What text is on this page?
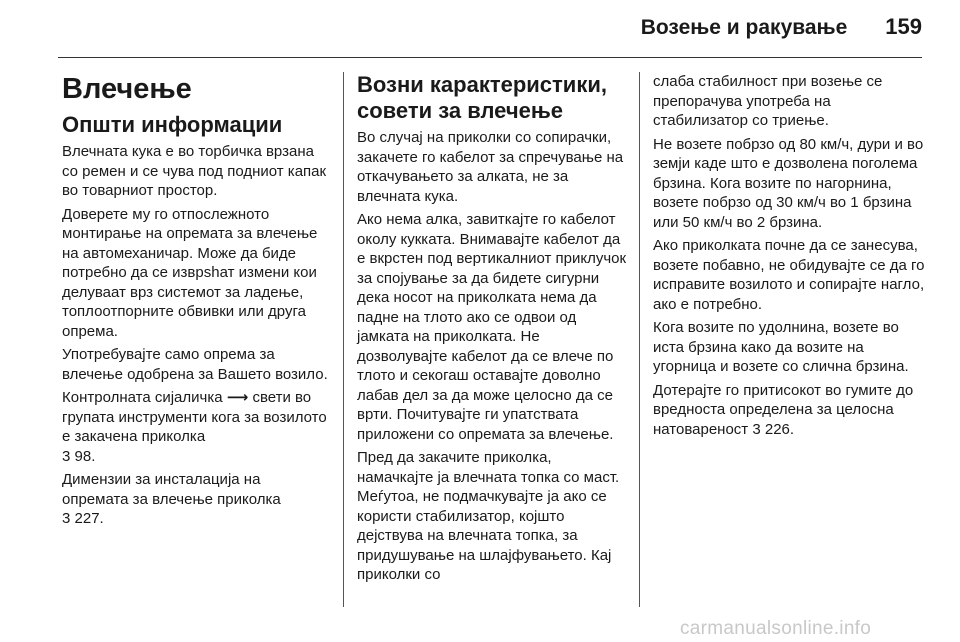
Возење и ракување 159
Влечење
Општи информации

Влечната кука е во торбичка врзана со ремен и се чува под подниот капак во товарниот простор.

Доверете му го отпослежното монтирање на опремата за влечење на автомеханичар. Може да биде потребно да се изврshат измени кои делуваат врз системот за ладење, топлоотпорните обвивки или друга опрема.

Употребувајте само опрема за влечење одобрена за Вашето возило.

Контролната сијаличка ⟶ свети во групата инструменти кога за возилото е закачена приколка
3 98.

Димензии за инсталација на опремата за влечење приколка
3 227.

Возни карактеристики, совети за влечење

Во случај на приколки со сопирачки, закачете го кабелот за спречување на откачувањето за алката, не за влечната кука.

Ако нема алка, завиткајте го кабелот околу кукката. Внимавајте кабелот да е вкрстен под вертикалниот приклучок за спојување за да бидете сигурни дека носот на приколката нема да падне на тлото ако се одвои од јамката на приколката. Не дозволувајте кабелот да се влече по тлото и секогаш оставајте доволно лабав дел за да може целосно да се врти. Почитувајте ги упатствата приложени со опремата за влечење.

Пред да закачите приколка, намачкајте ја влечната топка со маст. Меѓутоа, не подмачкувајте ја ако се користи стабилизатор, којшто дејствува на влечната топка, за придушување на шлајфувањето. Кај приколки со

слаба стабилност при возење се препорачува употреба на стабилизатор со триење.

Не возете побрзо од 80 км/ч, дури и во земји каде што е дозволена поголема брзина. Кога возите по нагорнина, возете побрзо од 30 км/ч во 1 брзина или 50 км/ч во 2 брзина.

Ако приколката почне да се занесува, возете побавно, не обидувајте се да го исправите возилото и сопирајте нагло, ако е потребно.

Кога возите по удолнина, возете во иста брзина како да возите на угорница и возете со слична брзина.

Дотерајте го притисокот во гумите до вредноста определена за целосна натовареност 3 226.

carmanualsonline.info
